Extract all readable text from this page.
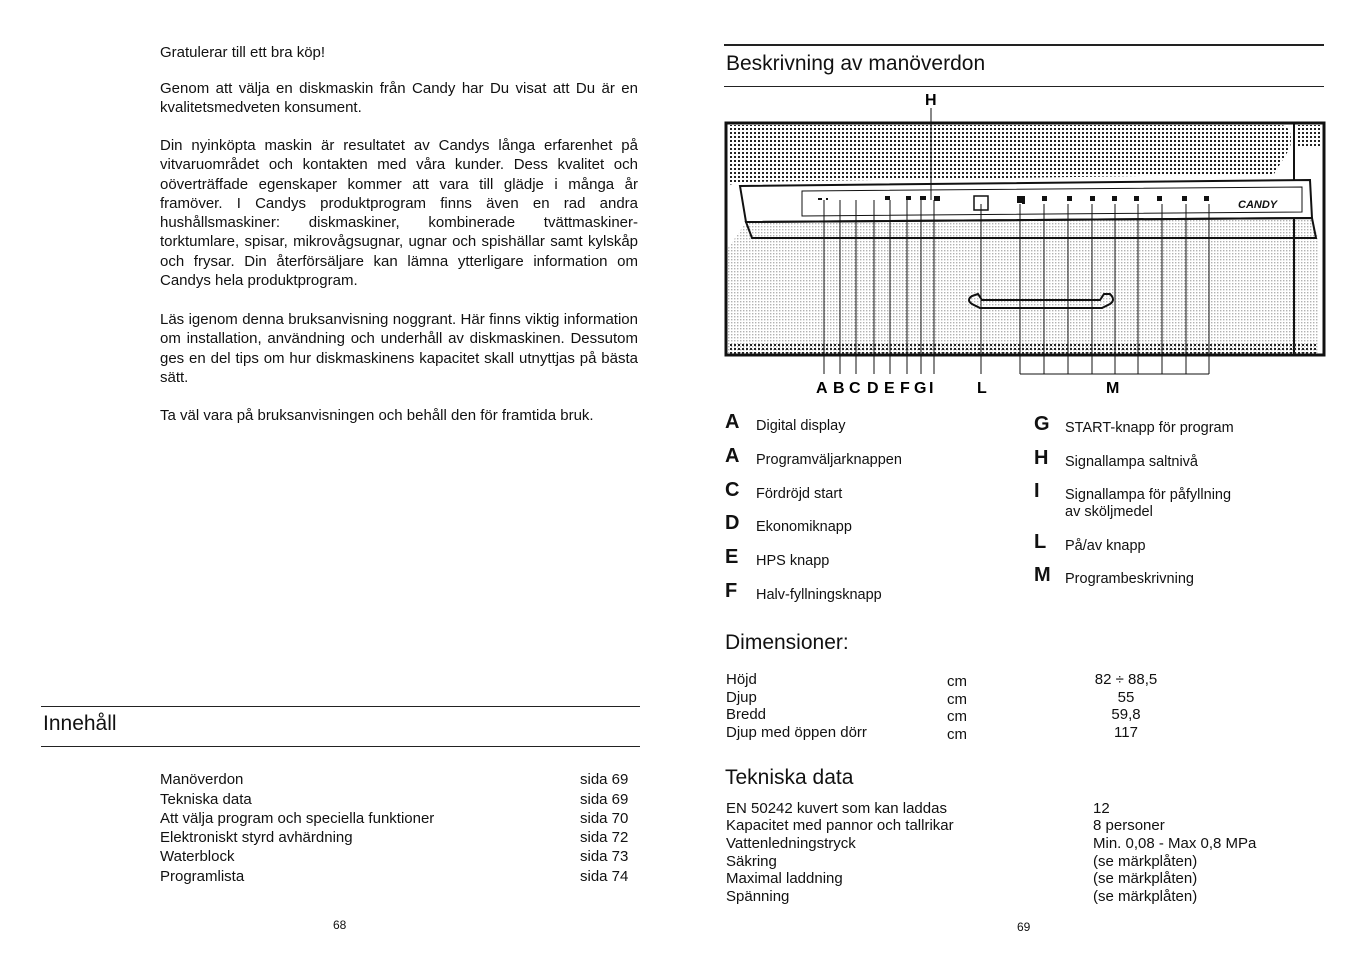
Gratulerar till ett bra köp!

Genom att välja en diskmaskin från Candy har Du visat att Du är en kvalitetsmedveten konsument.

Din nyinköpta maskin är resultatet av Candys långa erfarenhet på vitvaruområdet och kontakten med våra kunder. Dess kvalitet och oöverträffade egenskaper kommer att vara till glädje i många år framöver. I Candys produktprogram finns även en rad andra hushållsmaskiner: diskmaskiner, kombinerade tvättmaskiner-torktumlare, spisar, mikrovågsugnar, ugnar och spishällar samt kylskåp och frysar. Din återförsäljare kan lämna ytterligare information om Candys hela produktprogram.

Läs igenom denna bruksanvisning noggrant. Här finns viktig information om installation, användning och underhåll av diskmaskinen. Dessutom ges en del tips om hur diskmaskinens kapacitet skall utnyttjas på bästa sätt.

Ta väl vara på bruksanvisningen och behåll den för framtida bruk.

Innehåll
Manöverdon	sida 69
Tekniska data	sida 69
Att välja program och speciella funktioner	sida 70
Elektroniskt styrd avhärdning	sida 72
Waterblock	sida 73
Programlista	sida 74
68
Beskrivning av manöverdon
CANDY
H
A B C D E F G I	L	M
A Digital display
A Programväljarknappen
C Fördröjd start
D Ekonomiknapp
E HPS knapp
F Halv-fyllningsknapp
G START-knapp för program
H Signallampa saltnivå
I Signallampa för påfyllning
av sköljmedel
L På/av knapp
M Programbeskrivning
Dimensioner:
Höjd	cm	82 ÷ 88,5
Djup	cm	55
Bredd	cm	59,8
Djup med öppen dörr	cm	117
Tekniska data
EN 50242 kuvert som kan laddas	12
Kapacitet med pannor och tallrikar	8 personer
Vattenledningstryck	Min. 0,08 - Max 0,8 MPa
Säkring	(se märkplåten)
Maximal laddning	(se märkplåten)
Spänning	(se märkplåten)
69
